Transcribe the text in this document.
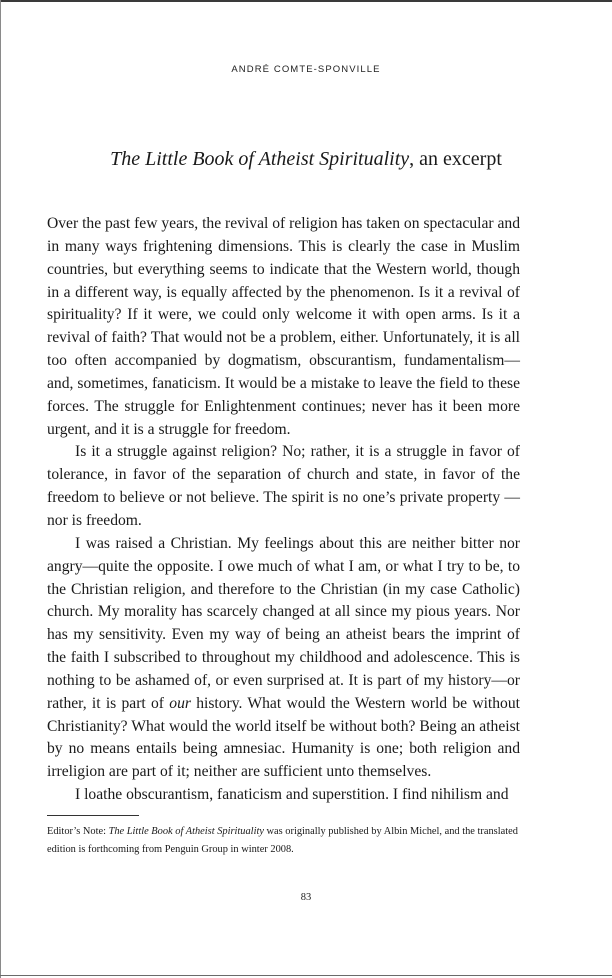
ANDRÉ COMTE-SPONVILLE
The Little Book of Atheist Spirituality, an excerpt

Over the past few years, the revival of religion has taken on spectacular and in many ways frightening dimensions. This is clearly the case in Muslim countries, but everything seems to indicate that the Western world, though in a different way, is equally affected by the phenomenon. Is it a revival of spirituality? If it were, we could only welcome it with open arms. Is it a revival of faith? That would not be a problem, either. Unfortunately, it is all too often accompanied by dogmatism, obscurantism, fundamentalism—and, sometimes, fanaticism. It would be a mistake to leave the field to these forces. The struggle for Enlightenment continues; never has it been more urgent, and it is a struggle for freedom.

Is it a struggle against religion? No; rather, it is a struggle in favor of tolerance, in favor of the separation of church and state, in favor of the freedom to believe or not believe. The spirit is no one’s private property —nor is freedom.

I was raised a Christian. My feelings about this are neither bitter nor angry—quite the opposite. I owe much of what I am, or what I try to be, to the Christian religion, and therefore to the Christian (in my case Catholic) church. My morality has scarcely changed at all since my pious years. Nor has my sensitivity. Even my way of being an atheist bears the imprint of the faith I subscribed to throughout my childhood and adolescence. This is nothing to be ashamed of, or even surprised at. It is part of my history—or rather, it is part of our history. What would the Western world be without Christianity? What would the world itself be without both? Being an atheist by no means entails being amnesiac. Humanity is one; both religion and irreligion are part of it; neither are sufficient unto themselves.

I loathe obscurantism, fanaticism and superstition. I find nihilism and

Editor’s Note: The Little Book of Atheist Spirituality was originally published by Albin Michel, and the translated edition is forthcoming from Penguin Group in winter 2008.
83
